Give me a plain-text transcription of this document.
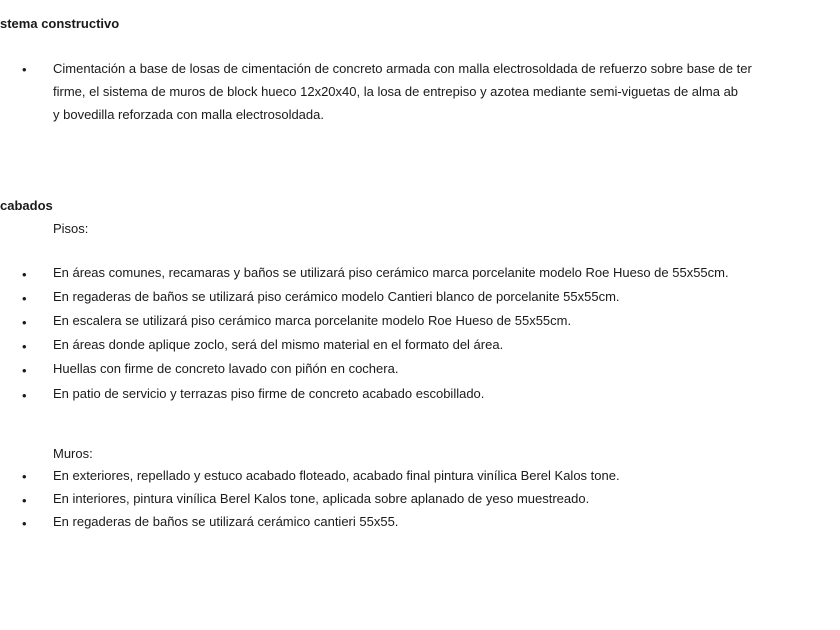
stema constructivo
• Cimentación a base de losas de cimentación de concreto armada con malla electrosoldada de refuerzo sobre base de ter
firme, el sistema de muros de block hueco 12x20x40, la losa de entrepiso y azotea mediante semi-viguetas de alma ab
y bovedilla reforzada con malla electrosoldada.
cabados
Pisos:
• En áreas comunes, recamaras y baños se utilizará piso cerámico marca porcelanite modelo Roe Hueso de 55x55cm.
• En regaderas de baños se utilizará piso cerámico modelo Cantieri blanco de porcelanite 55x55cm.
• En escalera se utilizará piso cerámico marca porcelanite modelo Roe Hueso de 55x55cm.
• En áreas donde aplique zoclo, será del mismo material en el formato del área.
• Huellas con firme de concreto lavado con piñón en cochera.
• En patio de servicio y terrazas piso firme de concreto acabado escobillado.
Muros:
• En exteriores, repellado y estuco acabado floteado, acabado final pintura vinílica Berel Kalos tone.
• En interiores, pintura vinílica Berel Kalos tone, aplicada sobre aplanado de yeso muestreado.
• En regaderas de baños se utilizará cerámico cantieri 55x55.
